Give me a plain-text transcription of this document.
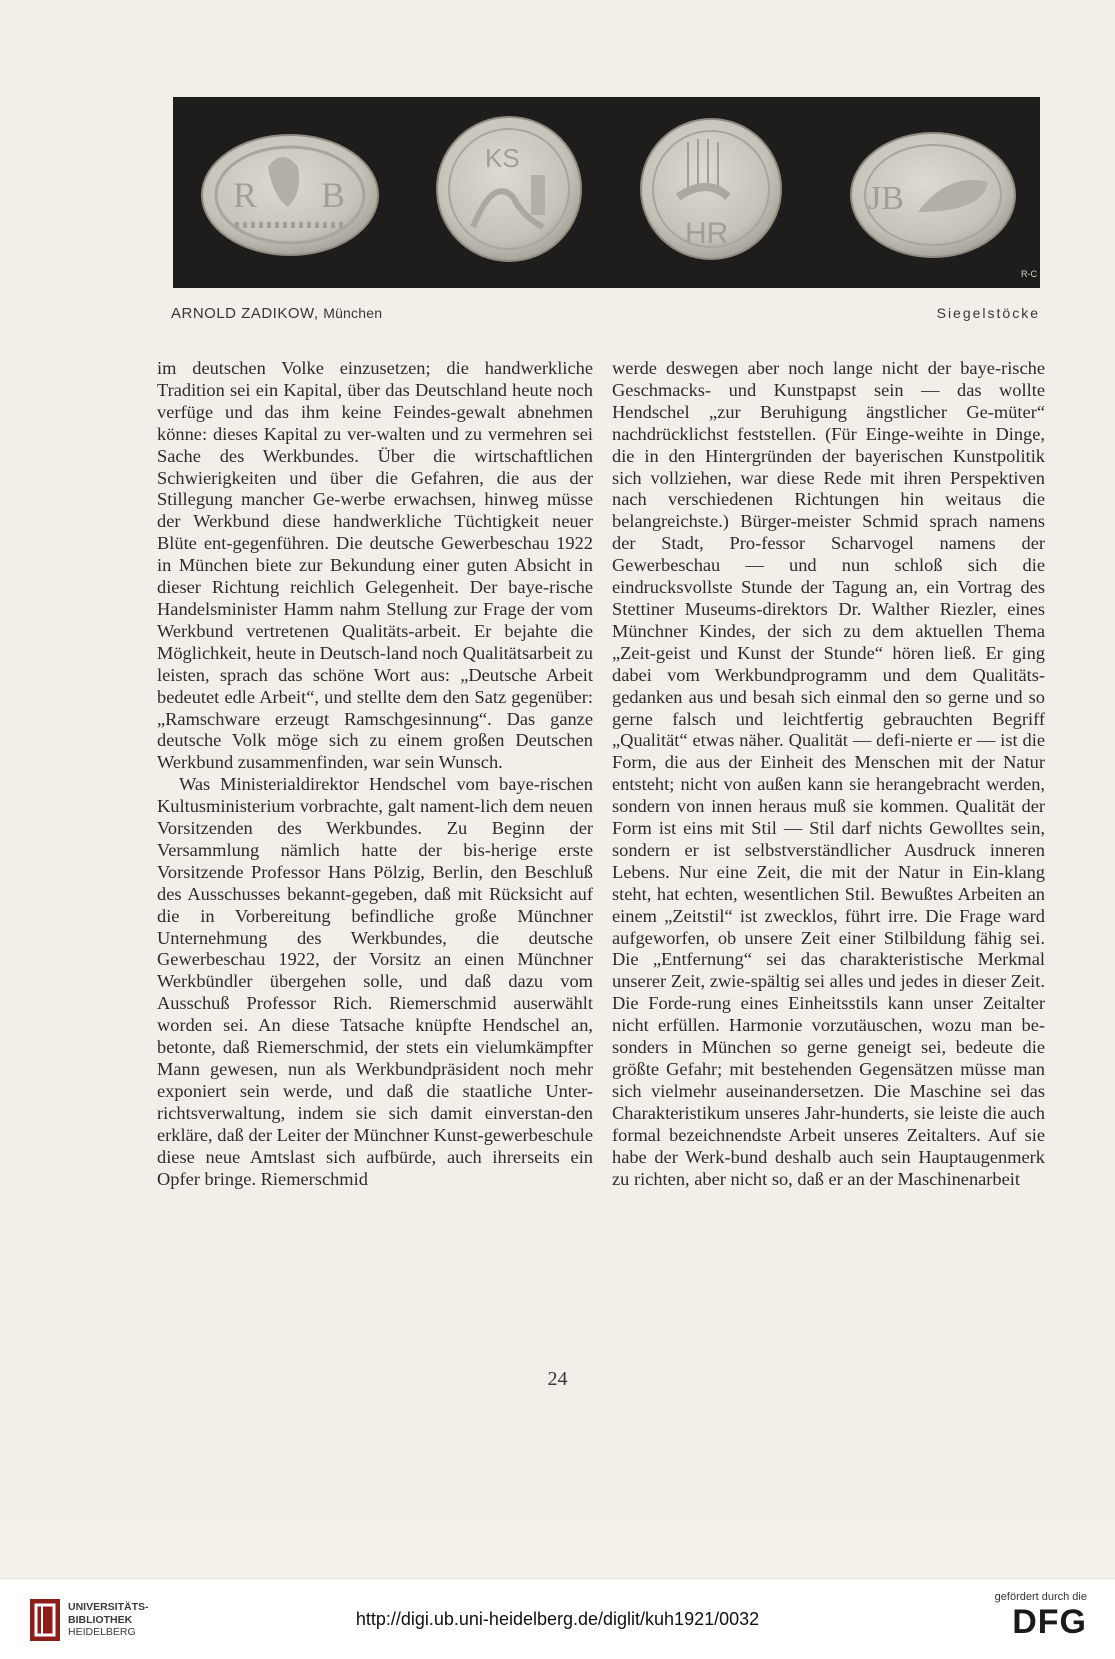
R B
KS
HR
JB
R-C
ARNOLD ZADIKOW, München	Siegelstöcke

im deutschen Volke einzusetzen; die handwerkliche Tradition sei ein Kapital, über das Deutschland heute noch verfüge und das ihm keine Feindes-gewalt abnehmen könne: dieses Kapital zu ver-walten und zu vermehren sei Sache des Werkbundes. Über die wirtschaftlichen Schwierigkeiten und über die Gefahren, die aus der Stillegung mancher Ge-werbe erwachsen, hinweg müsse der Werkbund diese handwerkliche Tüchtigkeit neuer Blüte ent-gegenführen. Die deutsche Gewerbeschau 1922 in München biete zur Bekundung einer guten Absicht in dieser Richtung reichlich Gelegenheit. Der baye-rische Handelsminister Hamm nahm Stellung zur Frage der vom Werkbund vertretenen Qualitäts-arbeit. Er bejahte die Möglichkeit, heute in Deutsch-land noch Qualitätsarbeit zu leisten, sprach das schöne Wort aus: „Deutsche Arbeit bedeutet edle Arbeit“, und stellte dem den Satz gegenüber: „Ramschware erzeugt Ramschgesinnung“. Das ganze deutsche Volk möge sich zu einem großen Deutschen Werkbund zusammenfinden, war sein Wunsch.

Was Ministerialdirektor Hendschel vom baye-rischen Kultusministerium vorbrachte, galt nament-lich dem neuen Vorsitzenden des Werkbundes. Zu Beginn der Versammlung nämlich hatte der bis-herige erste Vorsitzende Professor Hans Pölzig, Berlin, den Beschluß des Ausschusses bekannt-gegeben, daß mit Rücksicht auf die in Vorbereitung befindliche große Münchner Unternehmung des Werkbundes, die deutsche Gewerbeschau 1922, der Vorsitz an einen Münchner Werkbündler übergehen solle, und daß dazu vom Ausschuß Professor Rich. Riemerschmid auserwählt worden sei. An diese Tatsache knüpfte Hendschel an, betonte, daß Riemerschmid, der stets ein vielumkämpfter Mann gewesen, nun als Werkbundpräsident noch mehr exponiert sein werde, und daß die staatliche Unter-richtsverwaltung, indem sie sich damit einverstan-den erkläre, daß der Leiter der Münchner Kunst-gewerbeschule diese neue Amtslast sich aufbürde, auch ihrerseits ein Opfer bringe. Riemerschmid

werde deswegen aber noch lange nicht der baye-rische Geschmacks- und Kunstpapst sein — das wollte Hendschel „zur Beruhigung ängstlicher Ge-müter“ nachdrücklichst feststellen. (Für Einge-weihte in Dinge, die in den Hintergründen der bayerischen Kunstpolitik sich vollziehen, war diese Rede mit ihren Perspektiven nach verschiedenen Richtungen hin weitaus die belangreichste.) Bürger-meister Schmid sprach namens der Stadt, Pro-fessor Scharvogel namens der Gewerbeschau — und nun schloß sich die eindrucksvollste Stunde der Tagung an, ein Vortrag des Stettiner Museums-direktors Dr. Walther Riezler, eines Münchner Kindes, der sich zu dem aktuellen Thema „Zeit-geist und Kunst der Stunde“ hören ließ. Er ging dabei vom Werkbundprogramm und dem Qualitäts-gedanken aus und besah sich einmal den so gerne und so gerne falsch und leichtfertig gebrauchten Begriff „Qualität“ etwas näher. Qualität — defi-nierte er — ist die Form, die aus der Einheit des Menschen mit der Natur entsteht; nicht von außen kann sie herangebracht werden, sondern von innen heraus muß sie kommen. Qualität der Form ist eins mit Stil — Stil darf nichts Gewolltes sein, sondern er ist selbstverständlicher Ausdruck inneren Lebens. Nur eine Zeit, die mit der Natur in Ein-klang steht, hat echten, wesentlichen Stil. Bewußtes Arbeiten an einem „Zeitstil“ ist zwecklos, führt irre. Die Frage ward aufgeworfen, ob unsere Zeit einer Stilbildung fähig sei. Die „Entfernung“ sei das charakteristische Merkmal unserer Zeit, zwie-spältig sei alles und jedes in dieser Zeit. Die Forde-rung eines Einheitsstils kann unser Zeitalter nicht erfüllen. Harmonie vorzutäuschen, wozu man be-sonders in München so gerne geneigt sei, bedeute die größte Gefahr; mit bestehenden Gegensätzen müsse man sich vielmehr auseinandersetzen. Die Maschine sei das Charakteristikum unseres Jahr-hunderts, sie leiste die auch formal bezeichnendste Arbeit unseres Zeitalters. Auf sie habe der Werk-bund deshalb auch sein Hauptaugenmerk zu richten, aber nicht so, daß er an der Maschinenarbeit

24
UNIVERSITÄTS-
BIBLIOTHEK
HEIDELBERG
http://digi.ub.uni-heidelberg.de/diglit/kuh1921/0032
gefördert durch die
DFG
